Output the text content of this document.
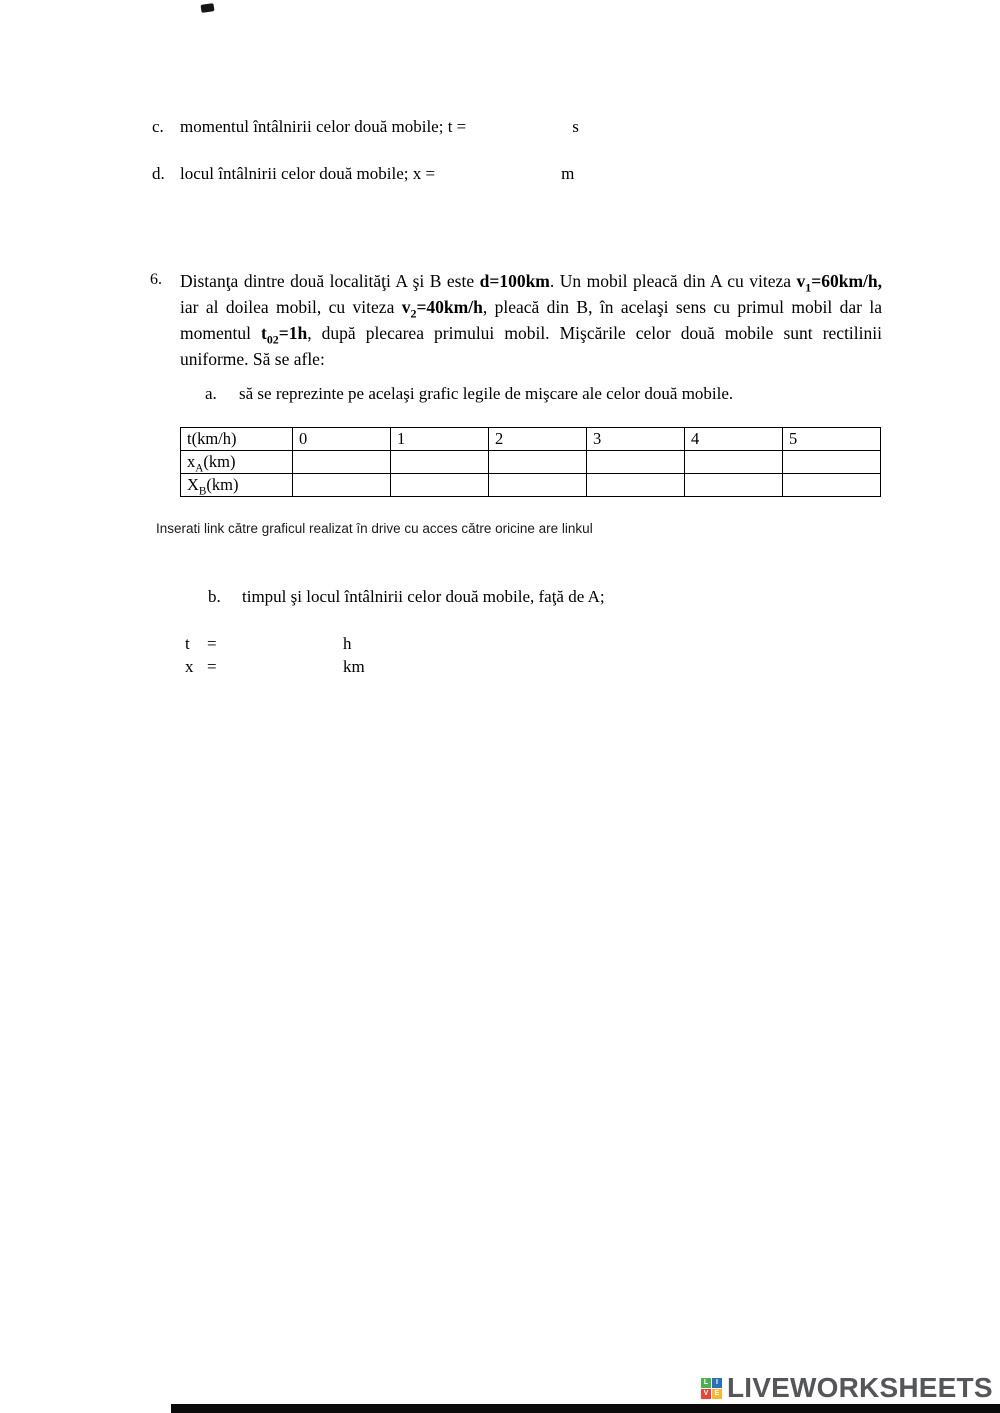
c. momentul întâlnirii celor două mobile; t =	s
d. locul întâlnirii celor două mobile; x =	m
6. Distanţa dintre două localităţi A şi B este d=100km. Un mobil pleacă din A cu viteza $v_1=60km/h$, iar al doilea mobil, cu viteza $v_2=40km/h$, pleacă din B, în acelaşi sens cu primul mobil dar la momentul $t_{02}=1h$, după plecarea primului mobil. Mişcările celor două mobile sunt rectilinii uniforme. Să se afle:
a. să se reprezinte pe acelaşi grafic legile de mişcare ale celor două mobile.
t(km/h)	0	1	2	3	4	5
$x_A(km)$						
$X_B(km)$						
Inserati link către graficul realizat în drive cu acces către oricine are linkul
b. timpul şi locul întâlnirii celor două mobile, faţă de A;
t =	h
x =	km
L	I
V E LIVEWORKSHEETS
